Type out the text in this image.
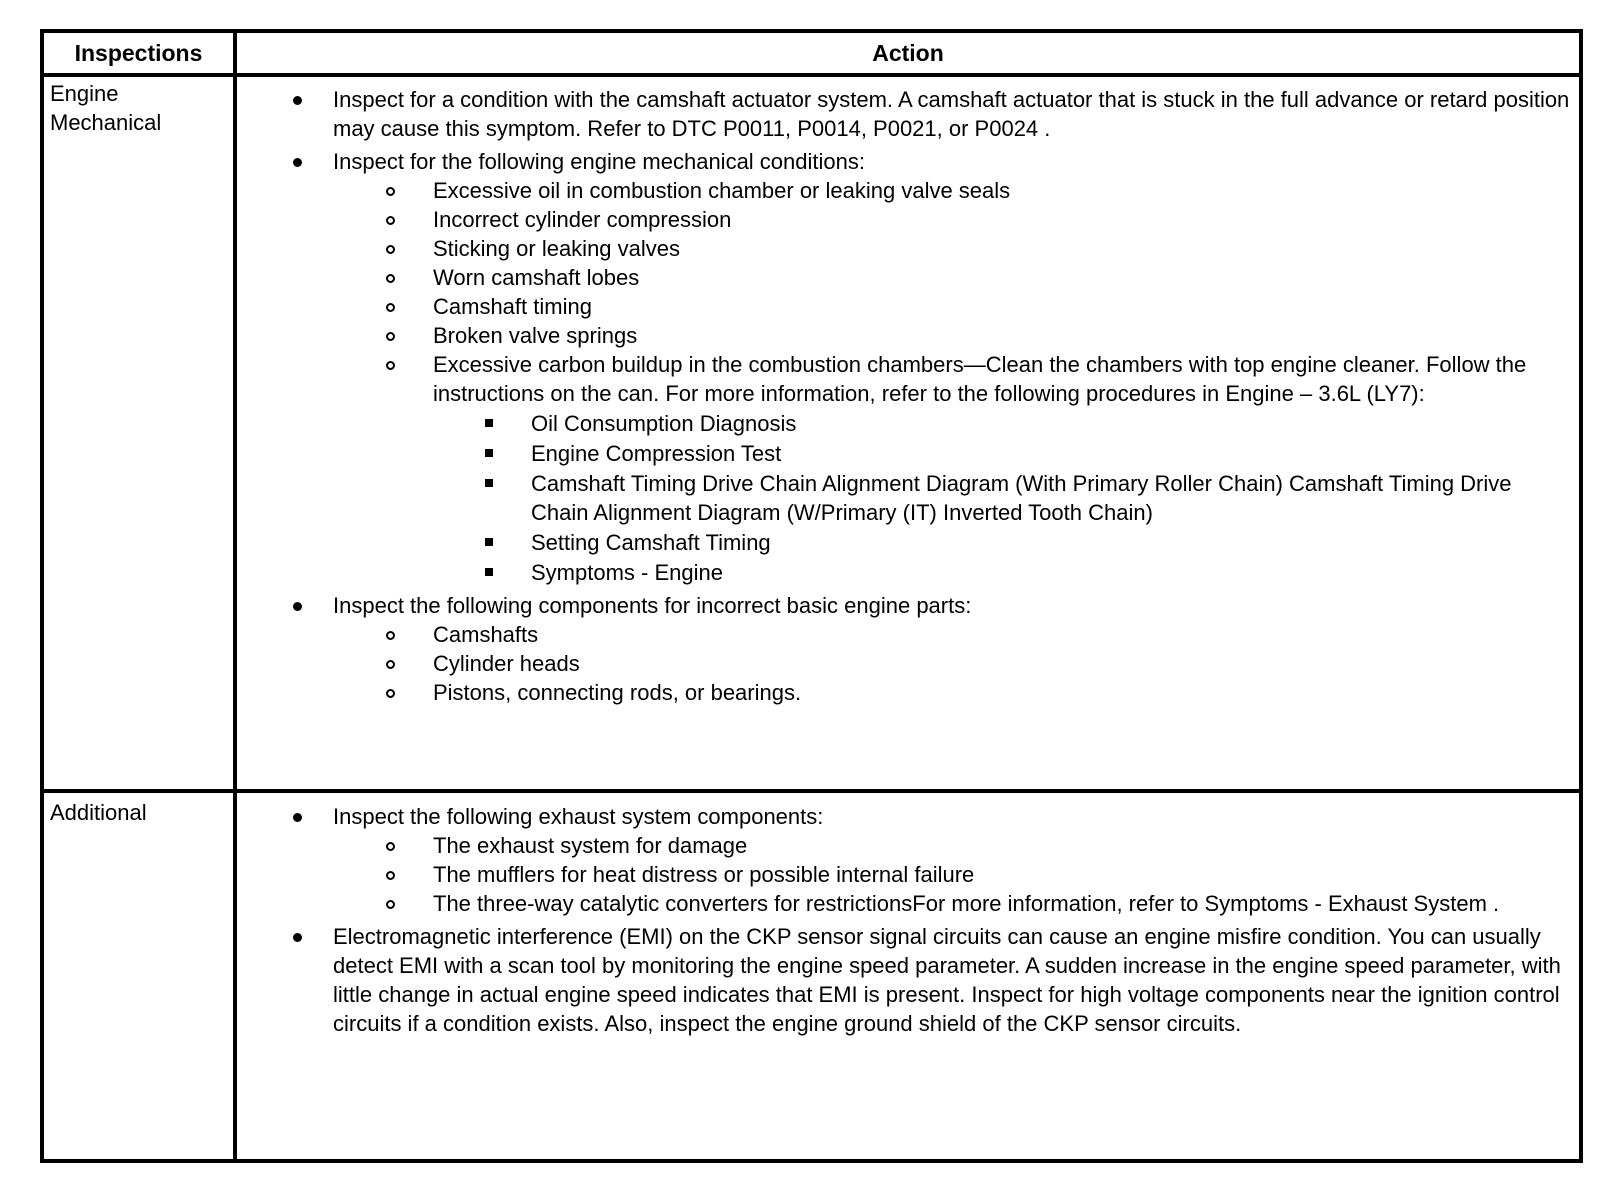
Inspections	Action
Engine Mechanical
Inspect for a condition with the camshaft actuator system. A camshaft actuator that is stuck in the full advance or retard position may cause this symptom. Refer to DTC P0011, P0014, P0021, or P0024 .
Inspect for the following engine mechanical conditions:
Excessive oil in combustion chamber or leaking valve seals
Incorrect cylinder compression
Sticking or leaking valves
Worn camshaft lobes
Camshaft timing
Broken valve springs
Excessive carbon buildup in the combustion chambers—Clean the chambers with top engine cleaner. Follow the instructions on the can. For more information, refer to the following procedures in Engine – 3.6L (LY7):
Oil Consumption Diagnosis
Engine Compression Test
Camshaft Timing Drive Chain Alignment Diagram (With Primary Roller Chain) Camshaft Timing Drive Chain Alignment Diagram (W/Primary (IT) Inverted Tooth Chain)
Setting Camshaft Timing
Symptoms - Engine
Inspect the following components for incorrect basic engine parts:
Camshafts
Cylinder heads
Pistons, connecting rods, or bearings.
Additional	Inspect the following exhaust system components:
The exhaust system for damage
The mufflers for heat distress or possible internal failure
The three-way catalytic converters for restrictionsFor more information, refer to Symptoms - Exhaust System .
Electromagnetic interference (EMI) on the CKP sensor signal circuits can cause an engine misfire condition. You can usually detect EMI with a scan tool by monitoring the engine speed parameter. A sudden increase in the engine speed parameter, with little change in actual engine speed indicates that EMI is present. Inspect for high voltage components near the ignition control circuits if a condition exists. Also, inspect the engine ground shield of the CKP sensor circuits.
